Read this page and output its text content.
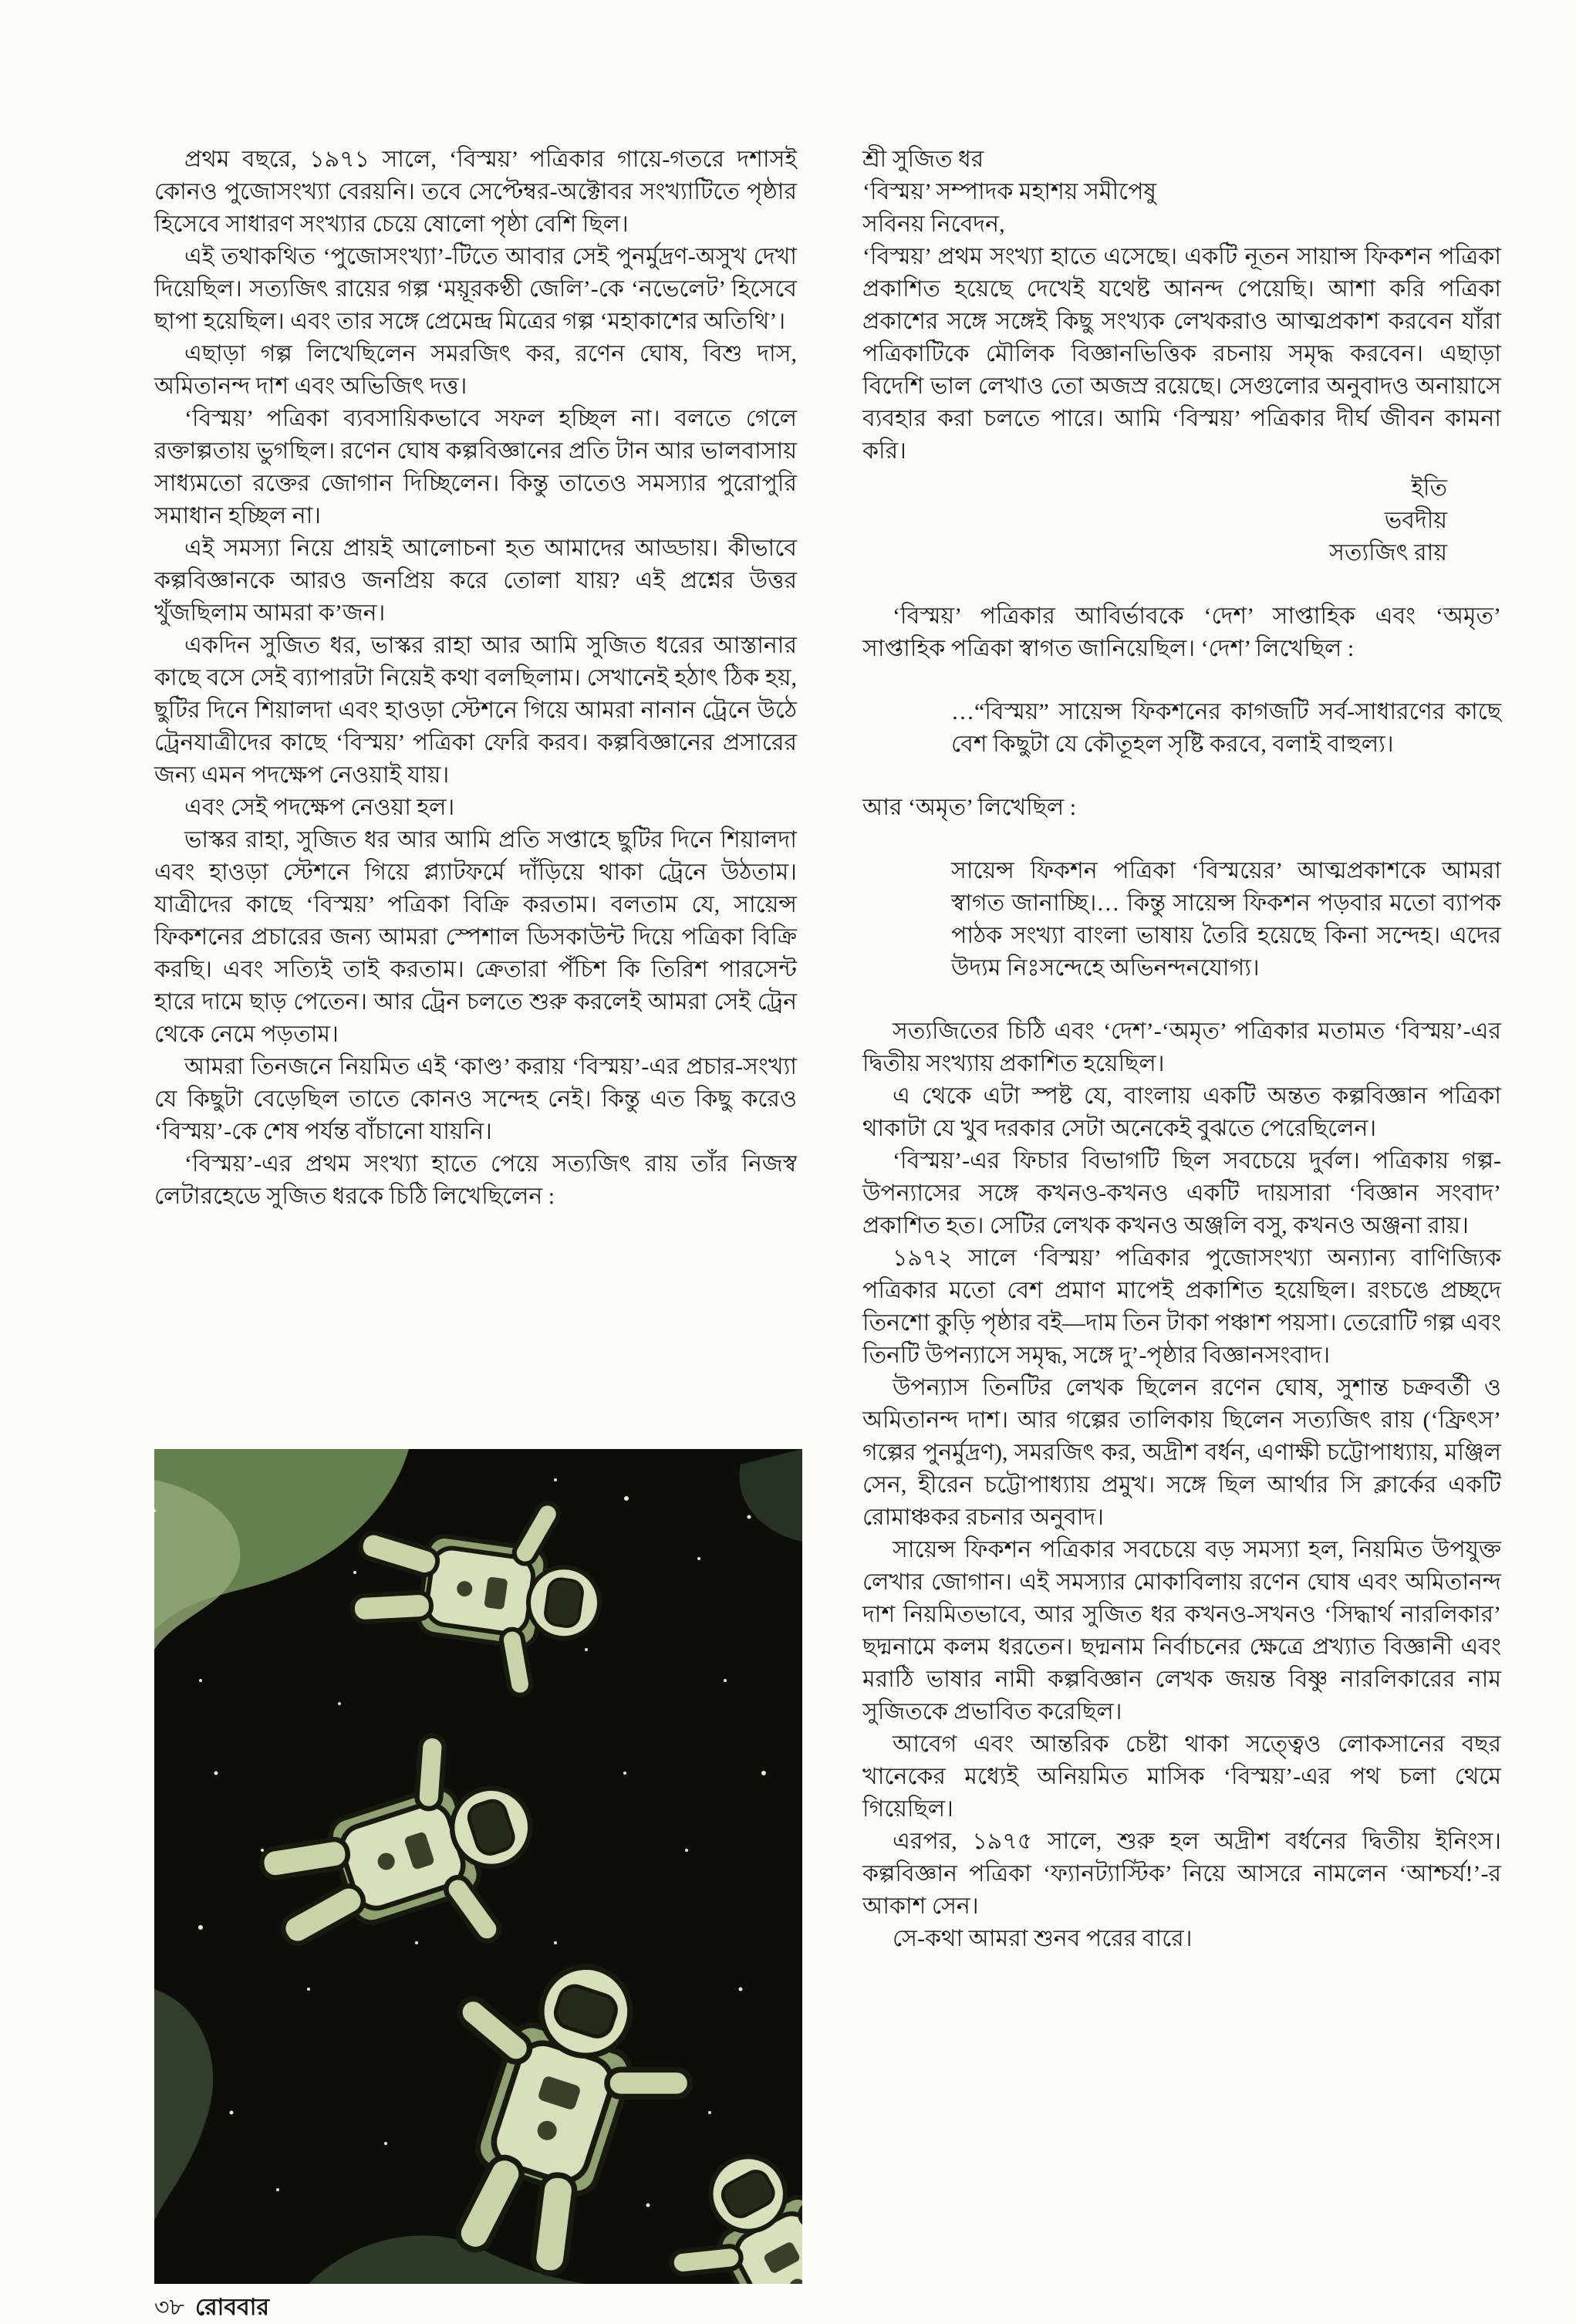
প্রথম বছরে, ১৯৭১ সালে, ‘বিস্ময়’ পত্রিকার গায়ে-গতরে দশাসই কোনও পুজোসংখ্যা বেরয়নি। তবে সেপ্টেম্বর-অক্টোবর সংখ্যাটিতে পৃষ্ঠার হিসেবে সাধারণ সংখ্যার চেয়ে ষোলো পৃষ্ঠা বেশি ছিল।
এই তথাকথিত ‘পুজোসংখ্যা’-টিতে আবার সেই পুনর্মুদ্রণ-অসুখ দেখা দিয়েছিল। সত্যজিৎ রায়ের গল্প ‘ময়ূরকণ্ঠী জেলি’-কে ‘নভেলেট’ হিসেবে ছাপা হয়েছিল। এবং তার সঙ্গে প্রেমেন্দ্র মিত্রের গল্প ‘মহাকাশের অতিথি’।
এছাড়া গল্প লিখেছিলেন সমরজিৎ কর, রণেন ঘোষ, বিশু দাস, অমিতানন্দ দাশ এবং অভিজিৎ দত্ত।
‘বিস্ময়’ পত্রিকা ব্যবসায়িকভাবে সফল হচ্ছিল না। বলতে গেলে রক্তাল্পতায় ভুগছিল। রণেন ঘোষ কল্পবিজ্ঞানের প্রতি টান আর ভালবাসায় সাধ্যমতো রক্তের জোগান দিচ্ছিলেন। কিন্তু তাতেও সমস্যার পুরোপুরি সমাধান হচ্ছিল না।
এই সমস্যা নিয়ে প্রায়ই আলোচনা হত আমাদের আড্ডায়। কীভাবে কল্পবিজ্ঞানকে আরও জনপ্রিয় করে তোলা যায়? এই প্রশ্নের উত্তর খুঁজছিলাম আমরা ক’জন।
একদিন সুজিত ধর, ভাস্কর রাহা আর আমি সুজিত ধরের আস্তানার কাছে বসে সেই ব্যাপারটা নিয়েই কথা বলছিলাম। সেখানেই হঠাৎ ঠিক হয়, ছুটির দিনে শিয়ালদা এবং হাওড়া স্টেশনে গিয়ে আমরা নানান ট্রেনে উঠে ট্রেনযাত্রীদের কাছে ‘বিস্ময়’ পত্রিকা ফেরি করব। কল্পবিজ্ঞানের প্রসারের জন্য এমন পদক্ষেপ নেওয়াই যায়।
এবং সেই পদক্ষেপ নেওয়া হল।
ভাস্কর রাহা, সুজিত ধর আর আমি প্রতি সপ্তাহে ছুটির দিনে শিয়ালদা এবং হাওড়া স্টেশনে গিয়ে প্ল্যাটফর্মে দাঁড়িয়ে থাকা ট্রেনে উঠতাম। যাত্রীদের কাছে ‘বিস্ময়’ পত্রিকা বিক্রি করতাম। বলতাম যে, সায়েন্স ফিকশনের প্রচারের জন্য আমরা স্পেশাল ডিসকাউন্ট দিয়ে পত্রিকা বিক্রি করছি। এবং সত্যিই তাই করতাম। ক্রেতারা পঁচিশ কি তিরিশ পারসেন্ট হারে দামে ছাড় পেতেন। আর ট্রেন চলতে শুরু করলেই আমরা সেই ট্রেন থেকে নেমে পড়তাম।
আমরা তিনজনে নিয়মিত এই ‘কাণ্ড’ করায় ‘বিস্ময়’-এর প্রচার-সংখ্যা যে কিছুটা বেড়েছিল তাতে কোনও সন্দেহ নেই। কিন্তু এত কিছু করেও ‘বিস্ময়’-কে শেষ পর্যন্ত বাঁচানো যায়নি।
‘বিস্ময়’-এর প্রথম সংখ্যা হাতে পেয়ে সত্যজিৎ রায় তাঁর নিজস্ব লেটারহেডে সুজিত ধরকে চিঠি লিখেছিলেন :
শ্রী সুজিত ধর
‘বিস্ময়’ সম্পাদক মহাশয় সমীপেষু
সবিনয় নিবেদন,
‘বিস্ময়’ প্রথম সংখ্যা হাতে এসেছে। একটি নূতন সায়ান্স ফিকশন পত্রিকা প্রকাশিত হয়েছে দেখেই যথেষ্ট আনন্দ পেয়েছি। আশা করি পত্রিকা প্রকাশের সঙ্গে সঙ্গেই কিছু সংখ্যক লেখকরাও আত্মপ্রকাশ করবেন যাঁরা পত্রিকাটিকে মৌলিক বিজ্ঞানভিত্তিক রচনায় সমৃদ্ধ করবেন। এছাড়া বিদেশি ভাল লেখাও তো অজস্র রয়েছে। সেগুলোর অনুবাদও অনায়াসে ব্যবহার করা চলতে পারে। আমি ‘বিস্ময়’ পত্রিকার দীর্ঘ জীবন কামনা করি।
ইতি
ভবদীয়
সত্যজিৎ রায়
‘বিস্ময়’ পত্রিকার আবির্ভাবকে ‘দেশ’ সাপ্তাহিক এবং ‘অমৃত’ সাপ্তাহিক পত্রিকা স্বাগত জানিয়েছিল। ‘দেশ’ লিখেছিল :
…“বিস্ময়” সায়েন্স ফিকশনের কাগজটি সর্ব-সাধারণের কাছে বেশ কিছুটা যে কৌতূহল সৃষ্টি করবে, বলাই বাহুল্য।
আর ‘অমৃত’ লিখেছিল :
সায়েন্স ফিকশন পত্রিকা ‘বিস্ময়ের’ আত্মপ্রকাশকে আমরা স্বাগত জানাচ্ছি।… কিন্তু সায়েন্স ফিকশন পড়বার মতো ব্যাপক পাঠক সংখ্যা বাংলা ভাষায় তৈরি হয়েছে কিনা সন্দেহ। এদের উদ্যম নিঃসন্দেহে অভিনন্দনযোগ্য।
সত্যজিতের চিঠি এবং ‘দেশ’-‘অমৃত’ পত্রিকার মতামত ‘বিস্ময়’-এর দ্বিতীয় সংখ্যায় প্রকাশিত হয়েছিল।
এ থেকে এটা স্পষ্ট যে, বাংলায় একটি অন্তত কল্পবিজ্ঞান পত্রিকা থাকাটা যে খুব দরকার সেটা অনেকেই বুঝতে পেরেছিলেন।
‘বিস্ময়’-এর ফিচার বিভাগটি ছিল সবচেয়ে দুর্বল। পত্রিকায় গল্প-উপন্যাসের সঙ্গে কখনও-কখনও একটি দায়সারা ‘বিজ্ঞান সংবাদ’ প্রকাশিত হত। সেটির লেখক কখনও অঞ্জলি বসু, কখনও অঞ্জনা রায়।
১৯৭২ সালে ‘বিস্ময়’ পত্রিকার পুজোসংখ্যা অন্যান্য বাণিজ্যিক পত্রিকার মতো বেশ প্রমাণ মাপেই প্রকাশিত হয়েছিল। রংচঙে প্রচ্ছদে তিনশো কুড়ি পৃষ্ঠার বই—দাম তিন টাকা পঞ্চাশ পয়সা। তেরোটি গল্প এবং তিনটি উপন্যাসে সমৃদ্ধ, সঙ্গে দু’-পৃষ্ঠার বিজ্ঞানসংবাদ।
উপন্যাস তিনটির লেখক ছিলেন রণেন ঘোষ, সুশান্ত চক্রবর্তী ও অমিতানন্দ দাশ। আর গল্পের তালিকায় ছিলেন সত্যজিৎ রায় (‘ফ্রিৎস’ গল্পের পুনর্মুদ্রণ), সমরজিৎ কর, অদ্রীশ বর্ধন, এণাক্ষী চট্টোপাধ্যায়, মঞ্জিল সেন, হীরেন চট্টোপাধ্যায় প্রমুখ। সঙ্গে ছিল আর্থার সি ক্লার্কের একটি রোমাঞ্চকর রচনার অনুবাদ।
সায়েন্স ফিকশন পত্রিকার সবচেয়ে বড় সমস্যা হল, নিয়মিত উপযুক্ত লেখার জোগান। এই সমস্যার মোকাবিলায় রণেন ঘোষ এবং অমিতানন্দ দাশ নিয়মিতভাবে, আর সুজিত ধর কখনও-সখনও ‘সিদ্ধার্থ নারলিকার’ ছদ্মনামে কলম ধরতেন। ছদ্মনাম নির্বাচনের ক্ষেত্রে প্রখ্যাত বিজ্ঞানী এবং মরাঠি ভাষার নামী কল্পবিজ্ঞান লেখক জয়ন্ত বিষ্ণু নারলিকারের নাম সুজিতকে প্রভাবিত করেছিল।
আবেগ এবং আন্তরিক চেষ্টা থাকা সত্ত্বেও লোকসানের বছর খানেকের মধ্যেই অনিয়মিত মাসিক ‘বিস্ময়’-এর পথ চলা থেমে গিয়েছিল।
এরপর, ১৯৭৫ সালে, শুরু হল অদ্রীশ বর্ধনের দ্বিতীয় ইনিংস। কল্পবিজ্ঞান পত্রিকা ‘ফ্যানট্যাস্টিক’ নিয়ে আসরে নামলেন ‘আশ্চর্য!’-র আকাশ সেন।
সে-কথা আমরা শুনব পরের বারে।
৩৮ রোববার
